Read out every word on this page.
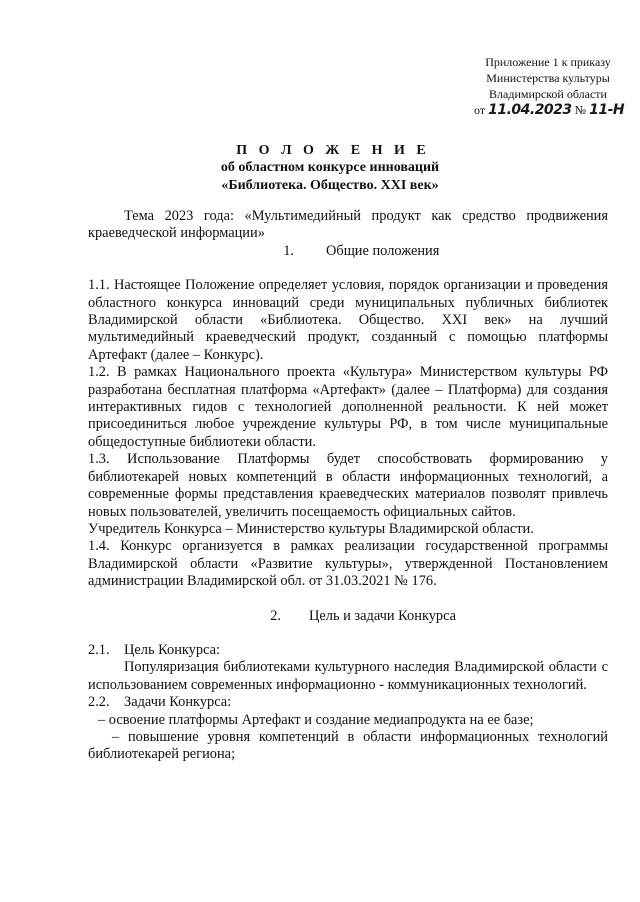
Приложение 1 к приказу
Министерства культуры
Владимирской области
от 11.04.2023 № 11-Н
П О Л О Ж Е Н И Е
об областном конкурсе инноваций
«Библиотека. Общество. XXI век»

Тема 2023 года: «Мультимедийный продукт как средство продвижения краеведческой информации»

1. Общие положения

1.1. Настоящее Положение определяет условия, порядок организации и проведения областного конкурса инноваций среди муниципальных публичных библиотек Владимирской области «Библиотека. Общество. XXI век» на лучший мультимедийный краеведческий продукт, созданный с помощью платформы Артефакт (далее – Конкурс).

1.2. В рамках Национального проекта «Культура» Министерством культуры РФ разработана бесплатная платформа «Артефакт» (далее – Платформа) для создания интерактивных гидов с технологией дополненной реальности. К ней может присоединиться любое учреждение культуры РФ, в том числе муниципальные общедоступные библиотеки области.

1.3. Использование Платформы будет способствовать формированию у библиотекарей новых компетенций в области информационных технологий, а современные формы представления краеведческих материалов позволят привлечь новых пользователей, увеличить посещаемость официальных сайтов.

Учредитель Конкурса – Министерство культуры Владимирской области.

1.4. Конкурс организуется в рамках реализации государственной программы Владимирской области «Развитие культуры», утвержденной Постановлением администрации Владимирской обл. от 31.03.2021 № 176.

2. Цель и задачи Конкурса

2.1. Цель Конкурса:

Популяризация библиотеками культурного наследия Владимирской области с использованием современных информационно - коммуникационных технологий.

2.2. Задачи Конкурса:

– освоение платформы Артефакт и создание медиапродукта на ее базе;

– повышение уровня компетенций в области информационных технологий библиотекарей региона;
